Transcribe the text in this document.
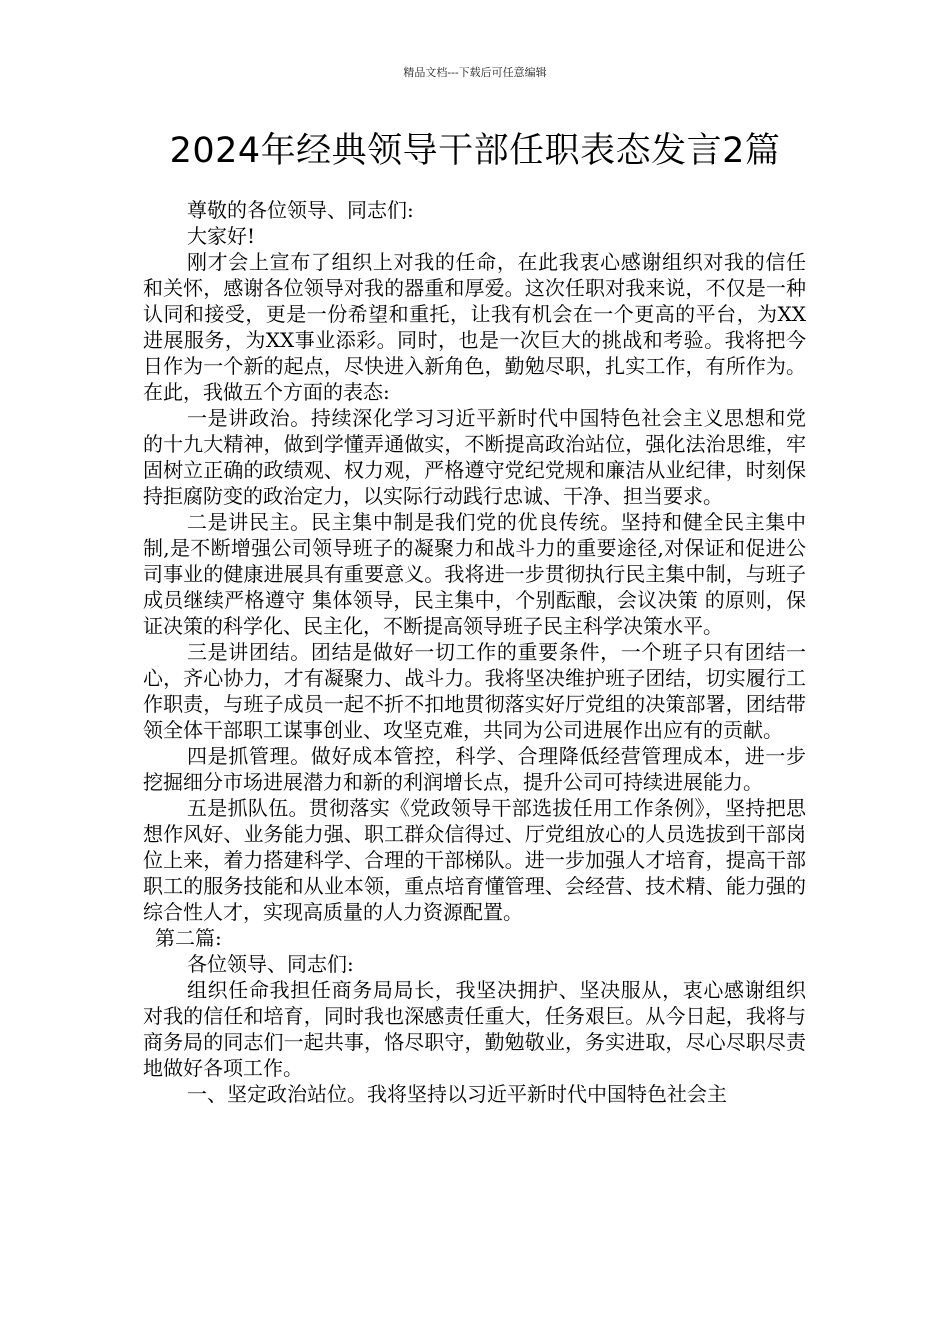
精品文档---下载后可任意编辑
2024年经典领导干部任职表态发言2篇

尊敬的各位领导、同志们:

大家好!

刚才会上宣布了组织上对我的任命，在此我衷心感谢组织对我的信任和关怀，感谢各位领导对我的器重和厚爱。这次任职对我来说，不仅是一种认同和接受，更是一份希望和重托，让我有机会在一个更高的平台，为XX进展服务，为XX事业添彩。同时，也是一次巨大的挑战和考验。我将把今日作为一个新的起点，尽快进入新角色，勤勉尽职，扎实工作，有所作为。在此，我做五个方面的表态:

一是讲政治。持续深化学习习近平新时代中国特色社会主义思想和党的十九大精神，做到学懂弄通做实，不断提高政治站位，强化法治思维，牢固树立正确的政绩观、权力观，严格遵守党纪党规和廉洁从业纪律，时刻保持拒腐防变的政治定力，以实际行动践行忠诚、干净、担当要求。

二是讲民主。民主集中制是我们党的优良传统。坚持和健全民主集中制,是不断增强公司领导班子的凝聚力和战斗力的重要途径,对保证和促进公司事业的健康进展具有重要意义。我将进一步贯彻执行民主集中制，与班子成员继续严格遵守 集体领导，民主集中，个别酝酿，会议决策 的原则，保证决策的科学化、民主化，不断提高领导班子民主科学决策水平。

三是讲团结。团结是做好一切工作的重要条件，一个班子只有团结一心，齐心协力，才有凝聚力、战斗力。我将坚决维护班子团结，切实履行工作职责，与班子成员一起不折不扣地贯彻落实好厅党组的决策部署，团结带领全体干部职工谋事创业、攻坚克难，共同为公司进展作出应有的贡献。

四是抓管理。做好成本管控，科学、合理降低经营管理成本，进一步挖掘细分市场进展潜力和新的利润增长点，提升公司可持续进展能力。

五是抓队伍。贯彻落实《党政领导干部选拔任用工作条例》，坚持把思想作风好、业务能力强、职工群众信得过、厅党组放心的人员选拔到干部岗位上来，着力搭建科学、合理的干部梯队。进一步加强人才培育，提高干部职工的服务技能和从业本领，重点培育懂管理、会经营、技术精、能力强的综合性人才，实现高质量的人力资源配置。

第二篇:

各位领导、同志们:

组织任命我担任商务局局长，我坚决拥护、坚决服从，衷心感谢组织对我的信任和培育，同时我也深感责任重大，任务艰巨。从今日起，我将与商务局的同志们一起共事，恪尽职守，勤勉敬业，务实进取，尽心尽职尽责地做好各项工作。

一、坚定政治站位。我将坚持以习近平新时代中国特色社会主
